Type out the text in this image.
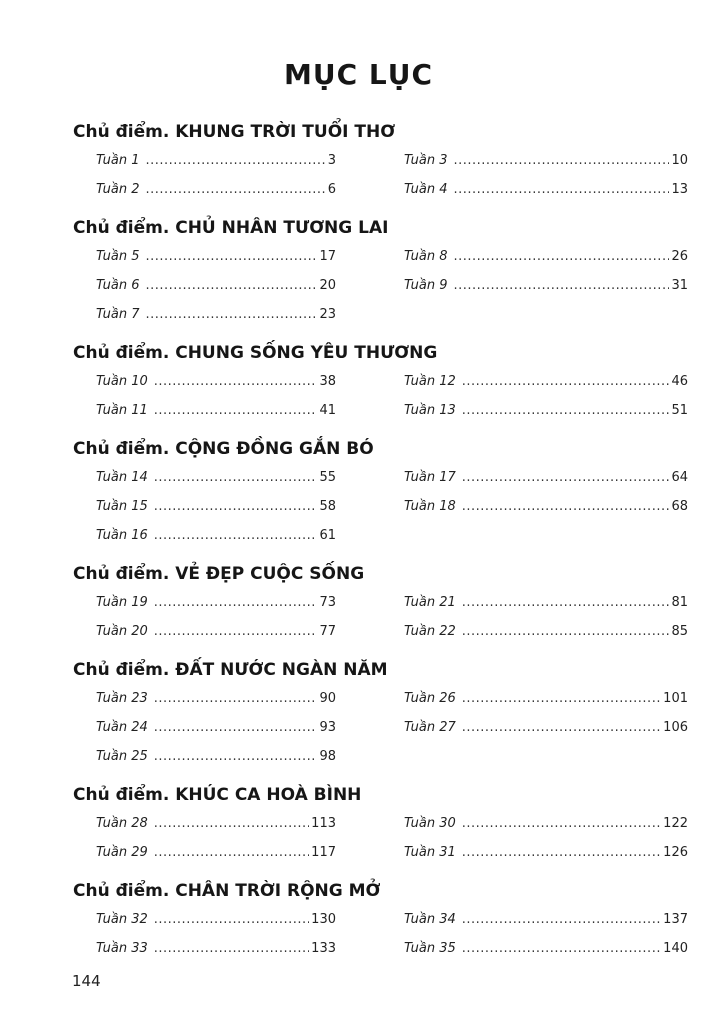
MỤC LỤC
Chủ điểm. KHUNG TRỜI TUỔI THƠ
Tuần 1 .....	3
Tuần 2 .....	6
Tuần 3 .....	10
Tuần 4 .....	13
Chủ điểm. CHỦ NHÂN TƯƠNG LAI
Tuần 5 .....	17
Tuần 6 .....	20
Tuần 7 .....	23
Tuần 8 .....	26
Tuần 9 .....	31
Chủ điểm. CHUNG SỐNG YÊU THƯƠNG
Tuần 10 .....	38
Tuần 11 .....	41
Tuần 12 .....	46
Tuần 13 .....	51
Chủ điểm. CỘNG ĐỒNG GẮN BÓ
Tuần 14 .....	55
Tuần 15 .....	58
Tuần 16 .....	61
Tuần 17 .....	64
Tuần 18 .....	68
Chủ điểm. VẺ ĐẸP CUỘC SỐNG
Tuần 19 .....	73
Tuần 20 .....	77
Tuần 21 .....	81
Tuần 22 .....	85
Chủ điểm. ĐẤT NƯỚC NGÀN NĂM
Tuần 23 .....	90
Tuần 24 .....	93
Tuần 25 .....	98
Tuần 26 .....	101
Tuần 27 .....	106
Chủ điểm. KHÚC CA HOÀ BÌNH
Tuần 28 .....	113
Tuần 29 .....	117
Tuần 30 .....	122
Tuần 31 .....	126
Chủ điểm. CHÂN TRỜI RỘNG MỞ
Tuần 32 .....	130
Tuần 33 .....	133
Tuần 34 .....	137
Tuần 35 .....	140
144
